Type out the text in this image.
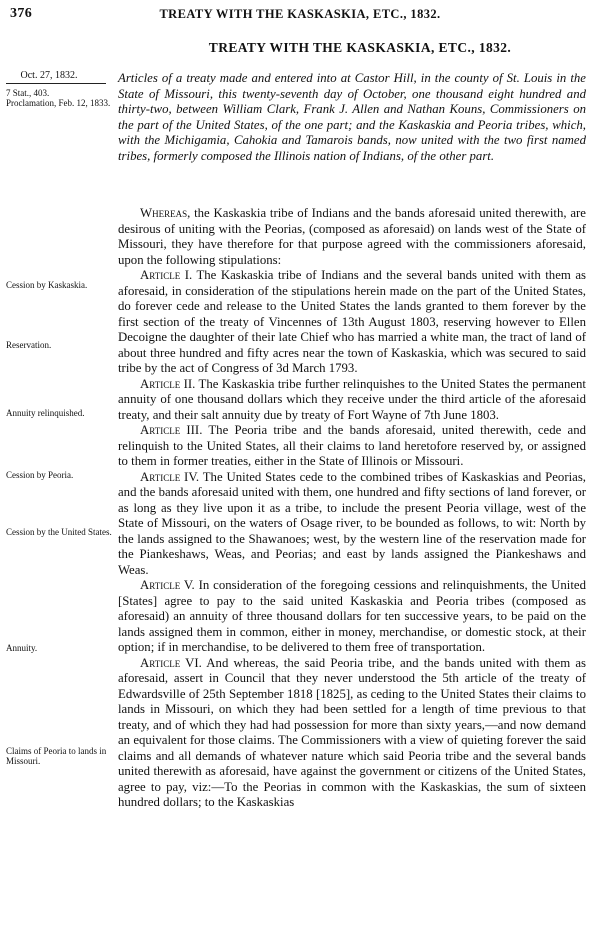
376	TREATY WITH THE KASKASKIA, ETC., 1832.
TREATY WITH THE KASKASKIA, ETC., 1832.
Oct. 27, 1832.
7 Stat., 403.
Proclamation, Feb. 12, 1833.
Cession by Kaskaskia.
Reservation.
Annuity relinquished.
Cession by Peoria.
Cession by the United States.
Annuity.
Claims of Peoria to lands in Missouri.

Articles of a treaty made and entered into at Castor Hill, in the county of St. Louis in the State of Missouri, this twenty-seventh day of October, one thousand eight hundred and thirty-two, between William Clark, Frank J. Allen and Nathan Kouns, Commissioners on the part of the United States, of the one part; and the Kaskaskia and Peoria tribes, which, with the Michigamia, Cahokia and Tamarois bands, now united with the two first named tribes, formerly composed the Illinois nation of Indians, of the other part.

Whereas, the Kaskaskia tribe of Indians and the bands aforesaid united therewith, are desirous of uniting with the Peorias, (composed as aforesaid) on lands west of the State of Missouri, they have therefore for that purpose agreed with the commissioners aforesaid, upon the following stipulations:

Article I. The Kaskaskia tribe of Indians and the several bands united with them as aforesaid, in consideration of the stipulations herein made on the part of the United States, do forever cede and release to the United States the lands granted to them forever by the first section of the treaty of Vincennes of 13th August 1803, reserving however to Ellen Decoigne the daughter of their late Chief who has married a white man, the tract of land of about three hundred and fifty acres near the town of Kaskaskia, which was secured to said tribe by the act of Congress of 3d March 1793.

Article II. The Kaskaskia tribe further relinquishes to the United States the permanent annuity of one thousand dollars which they receive under the third article of the aforesaid treaty, and their salt annuity due by treaty of Fort Wayne of 7th June 1803.

Article III. The Peoria tribe and the bands aforesaid, united therewith, cede and relinquish to the United States, all their claims to land heretofore reserved by, or assigned to them in former treaties, either in the State of Illinois or Missouri.

Article IV. The United States cede to the combined tribes of Kaskaskias and Peorias, and the bands aforesaid united with them, one hundred and fifty sections of land forever, or as long as they live upon it as a tribe, to include the present Peoria village, west of the State of Missouri, on the waters of Osage river, to be bounded as follows, to wit: North by the lands assigned to the Shawanoes; west, by the western line of the reservation made for the Piankeshaws, Weas, and Peorias; and east by lands assigned the Piankeshaws and Weas.

Article V. In consideration of the foregoing cessions and relinquishments, the United [States] agree to pay to the said united Kaskaskia and Peoria tribes (composed as aforesaid) an annuity of three thousand dollars for ten successive years, to be paid on the lands assigned them in common, either in money, merchandise, or domestic stock, at their option; if in merchandise, to be delivered to them free of transportation.

Article VI. And whereas, the said Peoria tribe, and the bands united with them as aforesaid, assert in Council that they never understood the 5th article of the treaty of Edwardsville of 25th September 1818 [1825], as ceding to the United States their claims to lands in Missouri, on which they had been settled for a length of time previous to that treaty, and of which they had had possession for more than sixty years,—and now demand an equivalent for those claims. The Commissioners with a view of quieting forever the said claims and all demands of whatever nature which said Peoria tribe and the several bands united therewith as aforesaid, have against the government or citizens of the United States, agree to pay, viz:—To the Peorias in common with the Kaskaskias, the sum of sixteen hundred dollars; to the Kaskaskias
